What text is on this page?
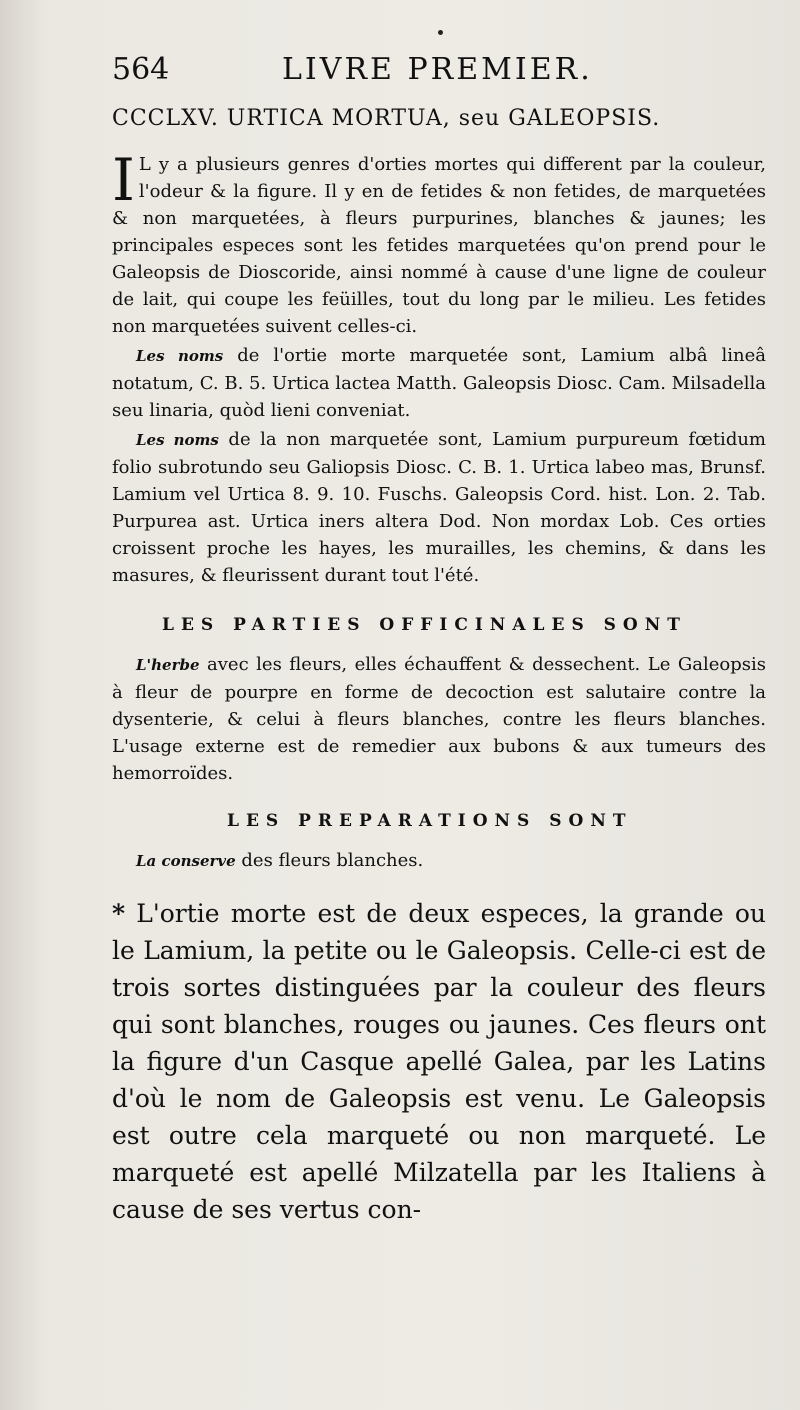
564	LIVRE PREMIER.
CCCLXV. URTICA MORTUA, seu GALEOPSIS.

I L y a plusieurs genres d'orties mortes qui different par la couleur, l'odeur & la figure. Il y en de fetides & non fetides, de marquetées & non marquetées, à fleurs purpurines, blanches & jaunes; les principales especes sont les fetides marquetées qu'on prend pour le Galeopsis de Dioscoride, ainsi nommé à cause d'une ligne de couleur de lait, qui coupe les feüilles, tout du long par le milieu. Les fetides non marquetées suivent celles-ci.

Les noms de l'ortie morte marquetée sont, Lamium albâ lineâ notatum, C. B. 5. Urtica lactea Matth. Galeopsis Diosc. Cam. Milsadella seu linaria, quòd lieni conveniat.

Les noms de la non marquetée sont, Lamium purpureum fœtidum folio subrotundo seu Galiopsis Diosc. C. B. 1. Urtica labeo mas, Brunsf. Lamium vel Urtica 8. 9. 10. Fuschs. Galeopsis Cord. hist. Lon. 2. Tab. Purpurea ast. Urtica iners altera Dod. Non mordax Lob. Ces orties croissent proche les hayes, les murailles, les chemins, & dans les masures, & fleurissent durant tout l'été.

LES PARTIES OFFICINALES SONT

L'herbe avec les fleurs, elles échauffent & dessechent. Le Galeopsis à fleur de pourpre en forme de decoction est salutaire contre la dysenterie, & celui à fleurs blanches, contre les fleurs blanches. L'usage externe est de remedier aux bubons & aux tumeurs des hemorroïdes.

LES PREPARATIONS SONT

La conserve des fleurs blanches.

* L'ortie morte est de deux especes, la grande ou le Lamium, la petite ou le Galeopsis. Celle-ci est de trois sortes distinguées par la couleur des fleurs qui sont blanches, rouges ou jaunes. Ces fleurs ont la figure d'un Casque apellé Galea, par les Latins d'où le nom de Galeopsis est venu. Le Galeopsis est outre cela marqueté ou non marqueté. Le marqueté est apellé Milzatella par les Italiens à cause de ses vertus con-
